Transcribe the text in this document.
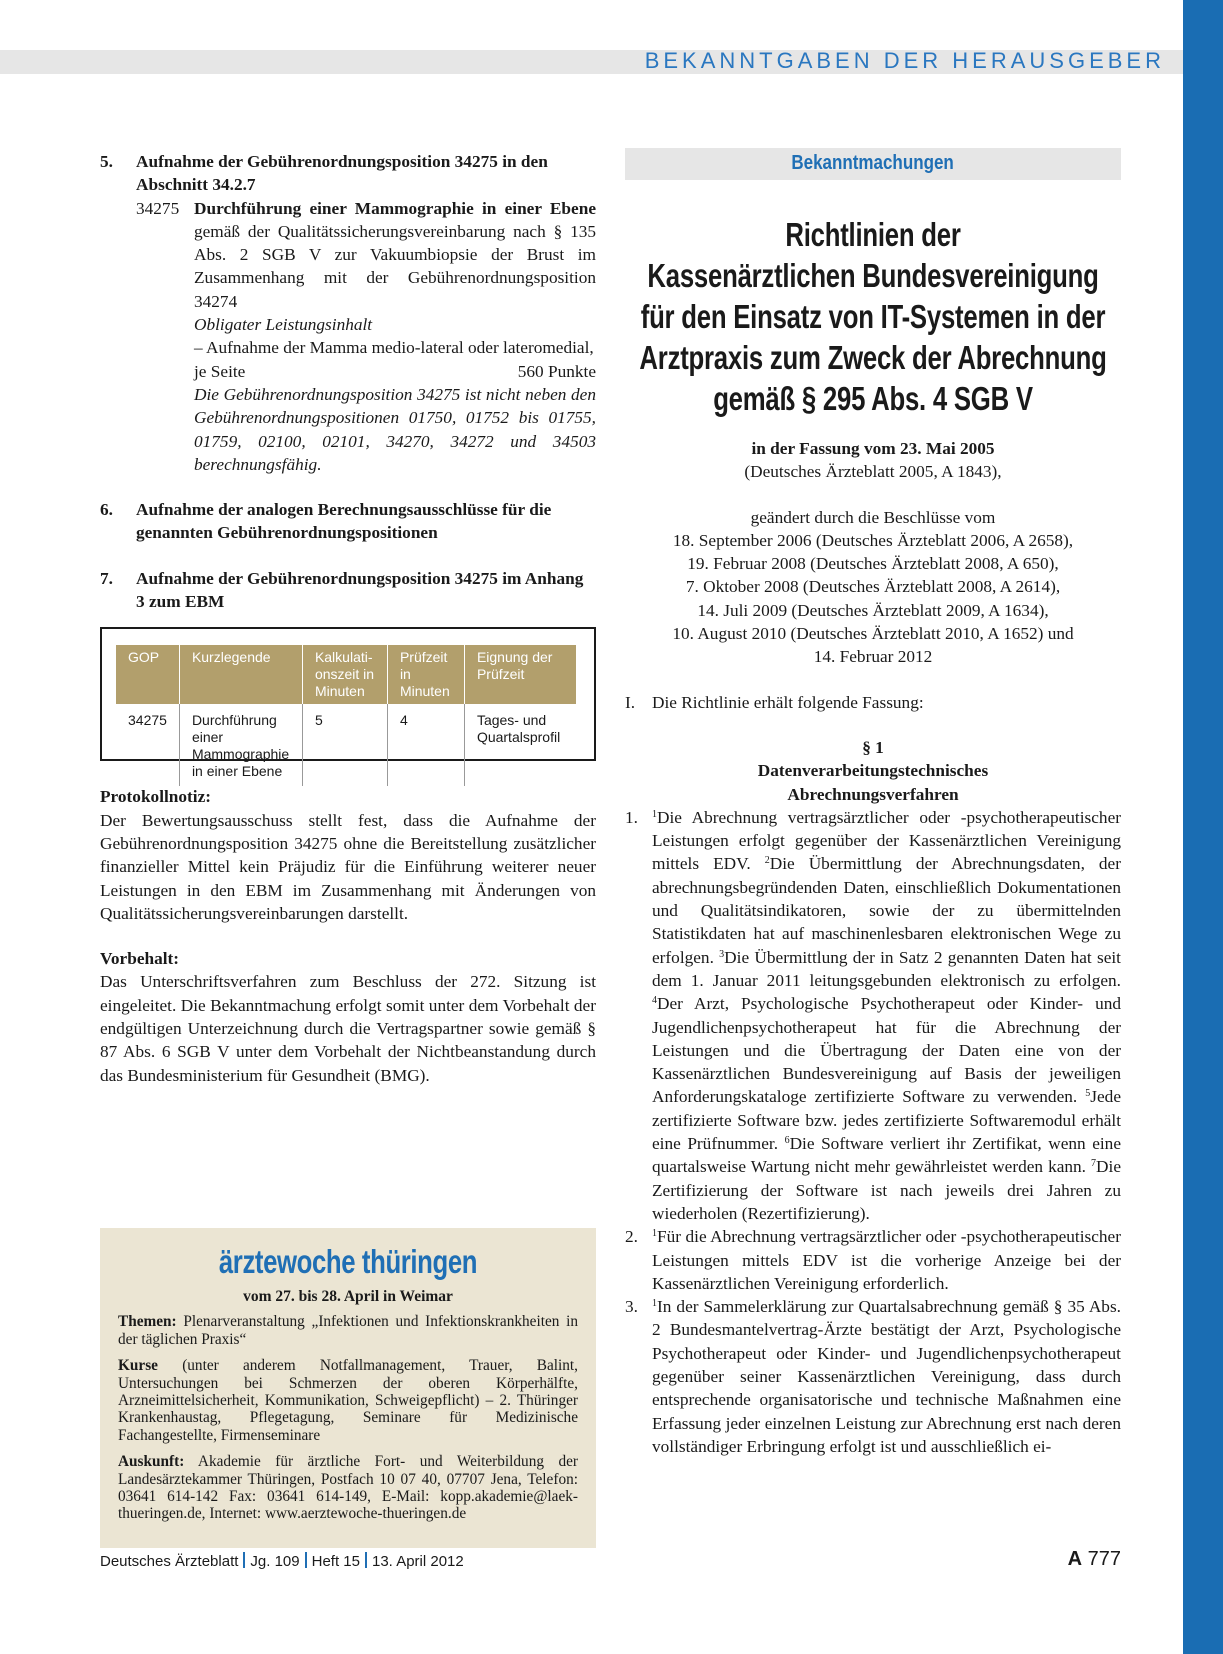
BEKANNTGABEN DER HERAUSGEBER
5. Aufnahme der Gebührenordnungsposition 34275 in den Abschnitt 34.2.7
34275 Durchführung einer Mammographie in einer Ebene gemäß der Qualitätssicherungsvereinbarung nach § 135 Abs. 2 SGB V zur Vakuumbiopsie der Brust im Zusammenhang mit der Gebührenordnungsposition 34274
Obligater Leistungsinhalt
– Aufnahme der Mamma medio-lateral oder lateromedial,
je Seite	560 Punkte
Die Gebührenordnungsposition 34275 ist nicht neben den Gebührenordnungspositionen 01750, 01752 bis 01755, 01759, 02100, 02101, 34270, 34272 und 34503 berechnungsfähig.
6. Aufnahme der analogen Berechnungsausschlüsse für die genannten Gebührenordnungspositionen
7. Aufnahme der Gebührenordnungsposition 34275 im Anhang 3 zum EBM
GOP	Kurzlegende	Kalkulationszeit in Minuten	Prüfzeit in Minuten	Eignung der Prüfzeit
34275	Durchführung einer Mammographie in einer Ebene	5	4	Tages- und Quartalsprofil
Protokollnotiz:
Der Bewertungsausschuss stellt fest, dass die Aufnahme der Gebührenordnungsposition 34275 ohne die Bereitstellung zusätzlicher finanzieller Mittel kein Präjudiz für die Einführung weiterer neuer Leistungen in den EBM im Zusammenhang mit Änderungen von Qualitätssicherungsvereinbarungen darstellt.
Vorbehalt:
Das Unterschriftsverfahren zum Beschluss der 272. Sitzung ist eingeleitet. Die Bekanntmachung erfolgt somit unter dem Vorbehalt der endgültigen Unterzeichnung durch die Vertragspartner sowie gemäß § 87 Abs. 6 SGB V unter dem Vorbehalt der Nichtbeanstandung durch das Bundesministerium für Gesundheit (BMG).
ärztewoche thüringen
vom 27. bis 28. April in Weimar
Themen: Plenarveranstaltung „Infektionen und Infektionskrankheiten in der täglichen Praxis“
Kurse (unter anderem Notfallmanagement, Trauer, Balint, Untersuchungen bei Schmerzen der oberen Körperhälfte, Arzneimittelsicherheit, Kommunikation, Schweigepflicht) – 2. Thüringer Krankenhaustag, Pflegetagung, Seminare für Medizinische Fachangestellte, Firmenseminare
Auskunft: Akademie für ärztliche Fort- und Weiterbildung der Landesärztekammer Thüringen, Postfach 10 07 40, 07707 Jena, Telefon: 03641 614-142 Fax: 03641 614-149, E-Mail: kopp.akademie@laek-thueringen.de, Internet: www.aerztewoche-thueringen.de
Bekanntmachungen
Richtlinien der
Kassenärztlichen Bundesvereinigung
für den Einsatz von IT-Systemen in der
Arztpraxis zum Zweck der Abrechnung
gemäß § 295 Abs. 4 SGB V
in der Fassung vom 23. Mai 2005
(Deutsches Ärzteblatt 2005, A 1843),
geändert durch die Beschlüsse vom
18. September 2006 (Deutsches Ärzteblatt 2006, A 2658),
19. Februar 2008 (Deutsches Ärzteblatt 2008, A 650),
7. Oktober 2008 (Deutsches Ärzteblatt 2008, A 2614),
14. Juli 2009 (Deutsches Ärzteblatt 2009, A 1634),
10. August 2010 (Deutsches Ärzteblatt 2010, A 1652) und
14. Februar 2012
I. Die Richtlinie erhält folgende Fassung:
§ 1
Datenverarbeitungstechnisches
Abrechnungsverfahren
1. $^1$Die Abrechnung vertragsärztlicher oder -psychotherapeutischer Leistungen erfolgt gegenüber der Kassenärztlichen Vereinigung mittels EDV. $^2$Die Übermittlung der Abrechnungsdaten, der abrechnungsbegründenden Daten, einschließlich Dokumentationen und Qualitätsindikatoren, sowie der zu übermittelnden Statistikdaten hat auf maschinenlesbaren elektronischen Wege zu erfolgen. $^3$Die Übermittlung der in Satz 2 genannten Daten hat seit dem 1. Januar 2011 leitungsgebunden elektronisch zu erfolgen. $^4$Der Arzt, Psychologische Psychotherapeut oder Kinder- und Jugendlichenpsychotherapeut hat für die Abrechnung der Leistungen und die Übertragung der Daten eine von der Kassenärztlichen Bundesvereinigung auf Basis der jeweiligen Anforderungskataloge zertifizierte Software zu verwenden. $^5$Jede zertifizierte Software bzw. jedes zertifizierte Softwaremodul erhält eine Prüfnummer. $^6$Die Software verliert ihr Zertifikat, wenn eine quartalsweise Wartung nicht mehr gewährleistet werden kann. $^7$Die Zertifizierung der Software ist nach jeweils drei Jahren zu wiederholen (Rezertifizierung).
2. $^1$Für die Abrechnung vertragsärztlicher oder -psychotherapeutischer Leistungen mittels EDV ist die vorherige Anzeige bei der Kassenärztlichen Vereinigung erforderlich.
3. $^1$In der Sammelerklärung zur Quartalsabrechnung gemäß § 35 Abs. 2 Bundesmantelvertrag-Ärzte bestätigt der Arzt, Psychologische Psychotherapeut oder Kinder- und Jugendlichenpsychotherapeut gegenüber seiner Kassenärztlichen Vereinigung, dass durch entsprechende organisatorische und technische Maßnahmen eine Erfassung jeder einzelnen Leistung zur Abrechnung erst nach deren vollständiger Erbringung erfolgt ist und ausschließlich ei-
Deutsches Ärzteblatt Jg. 109 Heft 15 13. April 2012	A 777
